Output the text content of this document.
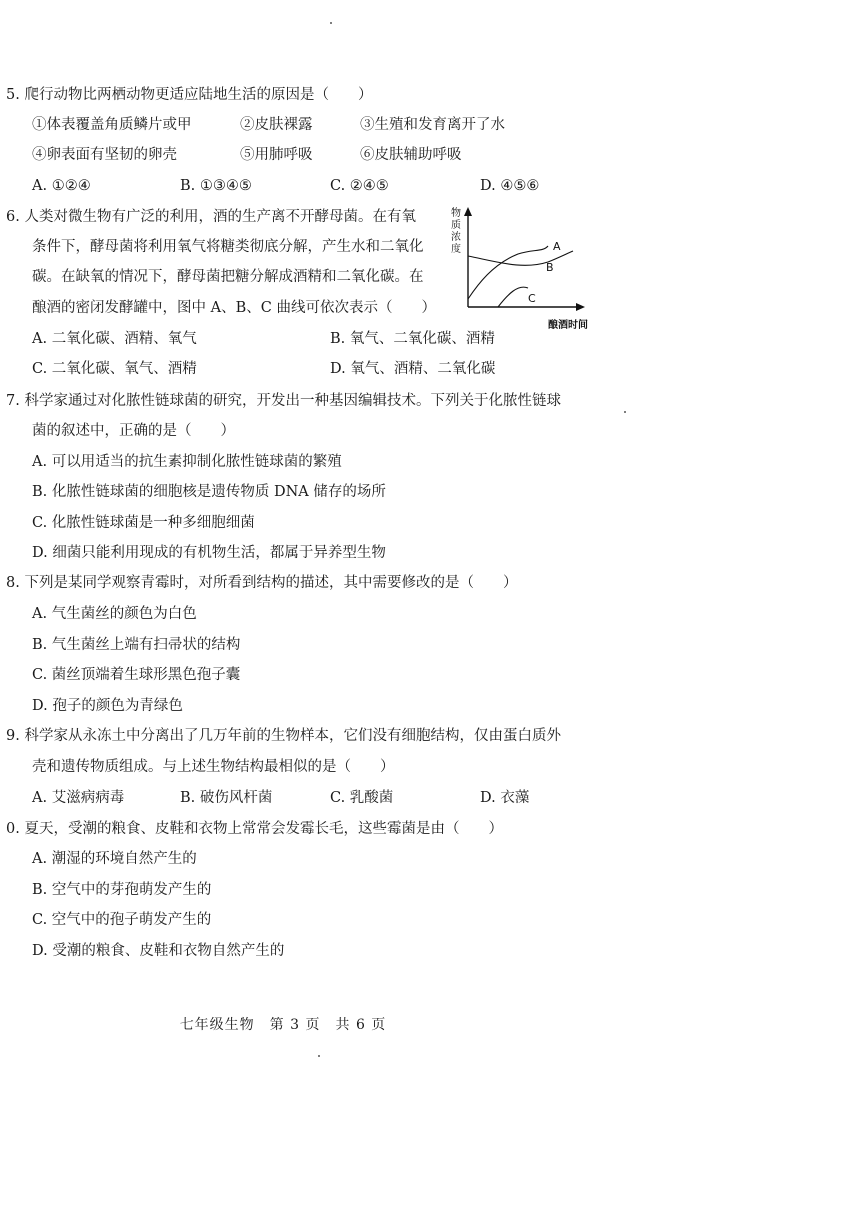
5. 爬行动物比两栖动物更适应陆地生活的原因是（　　）
①体表覆盖角质鳞片或甲	②皮肤裸露	③生殖和发育离开了水
④卵表面有坚韧的卵壳	⑤用肺呼吸	⑥皮肤辅助呼吸
A. ①②④	B. ①③④⑤	C. ②④⑤	D. ④⑤⑥
6. 人类对微生物有广泛的利用，酒的生产离不开酵母菌。在有氧
条件下，酵母菌将利用氧气将糖类彻底分解，产生水和二氧化
碳。在缺氧的情况下，酵母菌把糖分解成酒精和二氧化碳。在
酿酒的密闭发酵罐中，图中 A、B、C 曲线可依次表示（　　）
A. 二氧化碳、酒精、氧气	B. 氧气、二氧化碳、酒精
C. 二氧化碳、氧气、酒精	D. 氧气、酒精、二氧化碳
物 质 浓 度	A
B
C
酿酒时间
7. 科学家通过对化脓性链球菌的研究，开发出一种基因编辑技术。下列关于化脓性链球
菌的叙述中，正确的是（　　）
A. 可以用适当的抗生素抑制化脓性链球菌的繁殖
B. 化脓性链球菌的细胞核是遗传物质 DNA 储存的场所
C. 化脓性链球菌是一种多细胞细菌
D. 细菌只能利用现成的有机物生活，都属于异养型生物
8. 下列是某同学观察青霉时，对所看到结构的描述，其中需要修改的是（　　）
A. 气生菌丝的颜色为白色
B. 气生菌丝上端有扫帚状的结构
C. 菌丝顶端着生球形黑色孢子囊
D. 孢子的颜色为青绿色
9. 科学家从永冻土中分离出了几万年前的生物样本，它们没有细胞结构，仅由蛋白质外
壳和遗传物质组成。与上述生物结构最相似的是（　　）
A. 艾滋病病毒	B. 破伤风杆菌	C. 乳酸菌	D. 衣藻
0. 夏天，受潮的粮食、皮鞋和衣物上常常会发霉长毛，这些霉菌是由（　　）
A. 潮湿的环境自然产生的
B. 空气中的芽孢萌发产生的
C. 空气中的孢子萌发产生的
D. 受潮的粮食、皮鞋和衣物自然产生的
七年级生物　第 3 页　共 6 页
